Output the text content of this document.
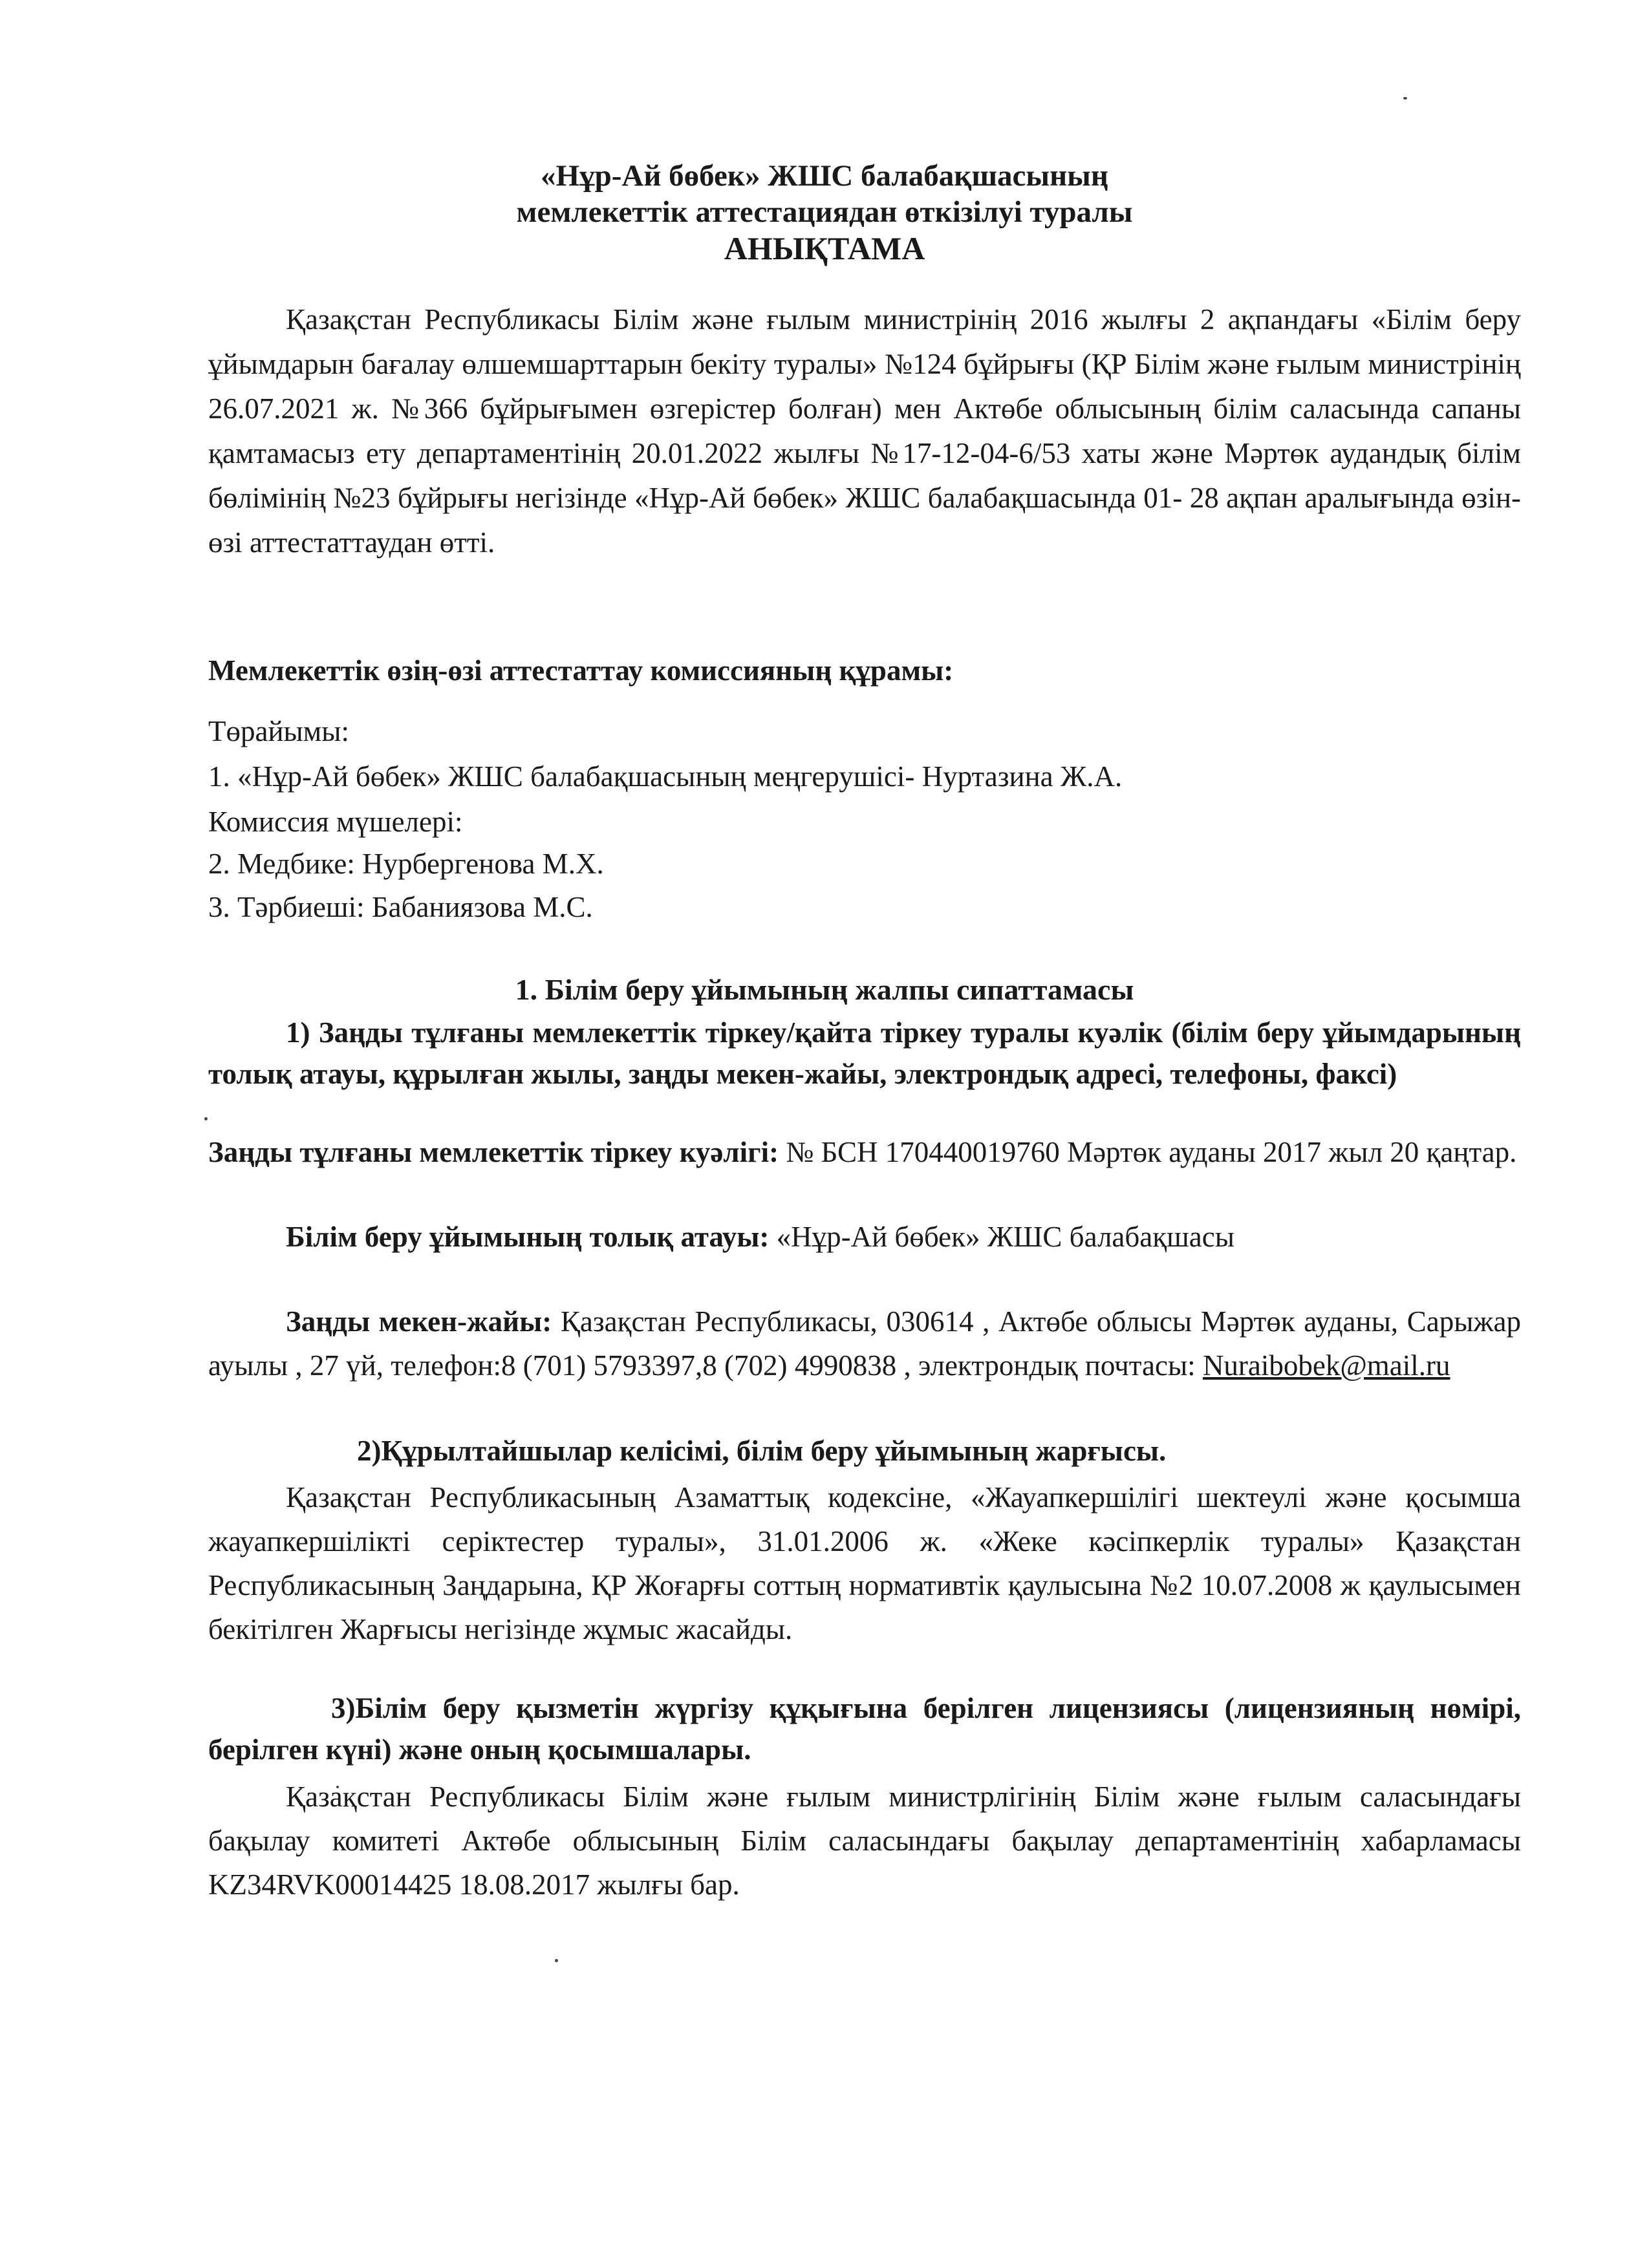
«Нұр-Ай бөбек» ЖШС балабақшасының
мемлекеттік аттестациядан өткізілуі туралы
АНЫҚТАМА
Қазақстан Республикасы Білім және ғылым министрінің 2016 жылғы 2 ақпандағы «Білім беру ұйымдарын бағалау өлшемшарттарын бекіту туралы» №124 бұйрығы (ҚР Білім және ғылым министрінің 26.07.2021 ж. №366 бұйрығымен өзгерістер болған) мен Актөбе облысының білім саласында сапаны қамтамасыз ету департаментінің 20.01.2022 жылғы №17-12-04-6/53 хаты және Мәртөк аудандық білім бөлімінің №23 бұйрығы негізінде «Нұр-Ай бөбек» ЖШС балабақшасында 01- 28 ақпан аралығында өзін-өзі аттестаттаудан өтті.
Мемлекеттік өзің-өзі аттестаттау комиссияның құрамы:
Төрайымы:
1. «Нұр-Ай бөбек» ЖШС балабақшасының меңгерушісі- Нуртазина Ж.А.
Комиссия мүшелері:
2. Медбике: Нурбергенова М.Х.
3. Тәрбиеші: Бабаниязова М.С.
1. Білім беру ұйымының жалпы сипаттамасы
1) Заңды тұлғаны мемлекеттік тіркеу/қайта тіркеу туралы куәлік (білім беру ұйымдарының толық атауы, құрылған жылы, заңды мекен-жайы, электрондық адресі, телефоны, факсі)
Заңды тұлғаны мемлекеттік тіркеу куәлігі: № БСН 170440019760 Мәртөк ауданы 2017 жыл 20 қаңтар.
Білім беру ұйымының толық атауы: «Нұр-Ай бөбек» ЖШС балабақшасы
Заңды мекен-жайы: Қазақстан Республикасы, 030614 , Актөбе облысы Мәртөк ауданы, Сарыжар ауылы , 27 үй, телефон:8 (701) 5793397,8 (702) 4990838 , электрондық почтасы: Nuraibobek@mail.ru
2)Құрылтайшылар келісімі, білім беру ұйымының жарғысы.
Қазақстан Республикасының Азаматтық кодексіне, «Жауапкершілігі шектеулі және қосымша жауапкершілікті серіктестер туралы», 31.01.2006 ж. «Жеке кәсіпкерлік туралы» Қазақстан Республикасының Заңдарына, ҚР Жоғарғы соттың нормативтік қаулысына №2 10.07.2008 ж қаулысымен бекітілген Жарғысы негізінде жұмыс жасайды.
3)Білім беру қызметін жүргізу құқығына берілген лицензиясы (лицензияның нөмірі, берілген күні) және оның қосымшалары.
Қазақстан Республикасы Білім және ғылым министрлігінің Білім және ғылым саласындағы бақылау комитеті Актөбе облысының Білім саласындағы бақылау департаментінің хабарламасы KZ34RVK00014425 18.08.2017 жылғы бар.
